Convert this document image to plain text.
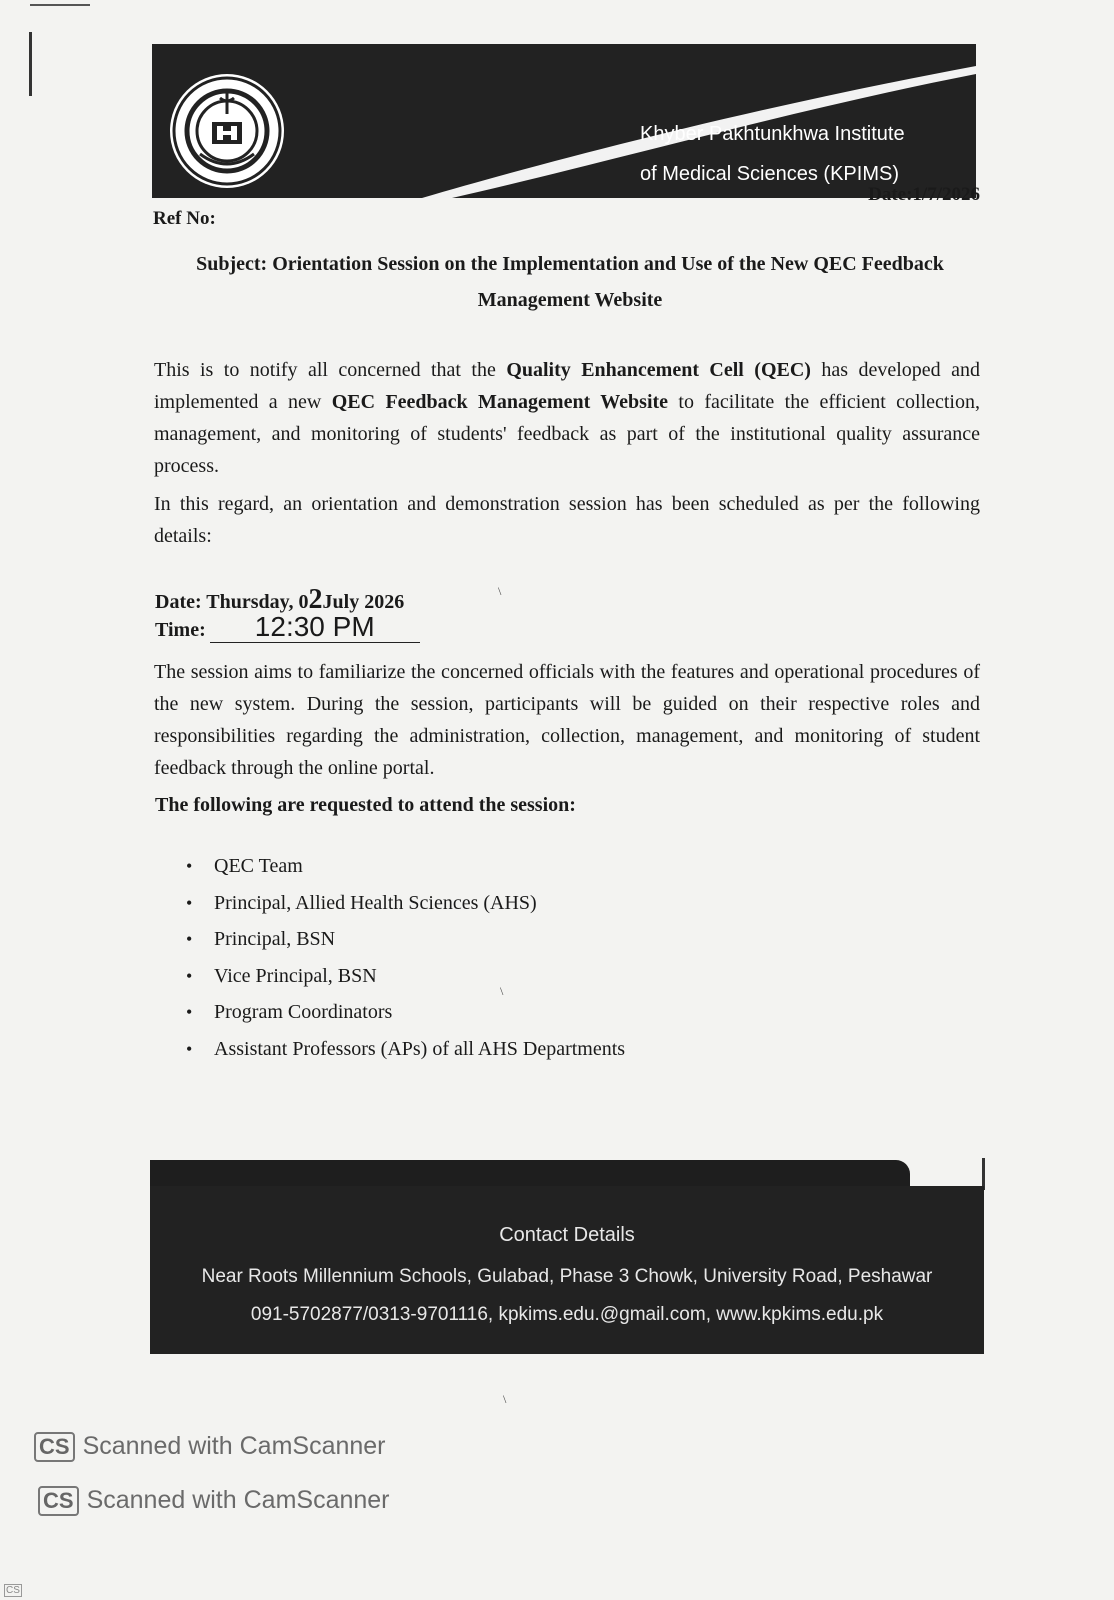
Khyber Pakhtunkhwa Institute
of Medical Sciences (KPIMS)
Date:1/7/2026
Ref No:
Subject: Orientation Session on the Implementation and Use of the New QEC Feedback
Management Website
This is to notify all concerned that the Quality Enhancement Cell (QEC) has developed and implemented a new QEC Feedback Management Website to facilitate the efficient collection, management, and monitoring of students' feedback as part of the institutional quality assurance process.
In this regard, an orientation and demonstration session has been scheduled as per the following details:
Date: Thursday, 02July 2026
Time: 12:30 PM
\
The session aims to familiarize the concerned officials with the features and operational procedures of the new system. During the session, participants will be guided on their respective roles and responsibilities regarding the administration, collection, management, and monitoring of student feedback through the online portal.
The following are requested to attend the session:
• QEC Team
• Principal, Allied Health Sciences (AHS)
• Principal, BSN
• Vice Principal, BSN
• Program Coordinators
• Assistant Professors (APs) of all AHS Departments
\
Contact Details
Near Roots Millennium Schools, Gulabad, Phase 3 Chowk, University Road, Peshawar
091-5702877/0313-9701116, kpkims.edu.@gmail.com, www.kpkims.edu.pk
\
CS Scanned with CamScanner
CS Scanned with CamScanner
CS
